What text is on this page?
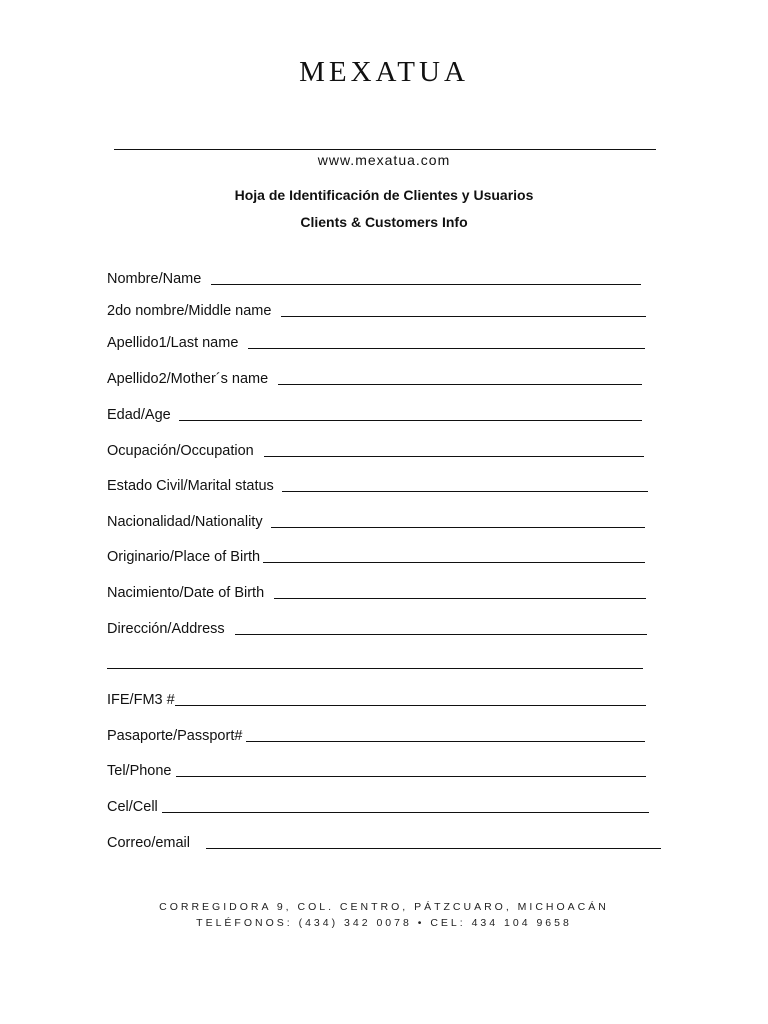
MEXATUA
www.mexatua.com
Hoja de Identificación de Clientes y Usuarios
Clients & Customers Info
Nombre/Name
2do nombre/Middle name
Apellido1/Last name
Apellido2/Mother´s name
Edad/Age
Ocupación/Occupation
Estado Civil/Marital status
Nacionalidad/Nationality
Originario/Place of Birth
Nacimiento/Date of Birth
Dirección/Address
IFE/FM3 #
Pasaporte/Passport#
Tel/Phone
Cel/Cell
Correo/email
CORREGIDORA 9, COL. CENTRO, PÁTZCUARO, MICHOACÁN
TELÉFONOS: (434) 342 0078 • CEL: 434 104 9658
